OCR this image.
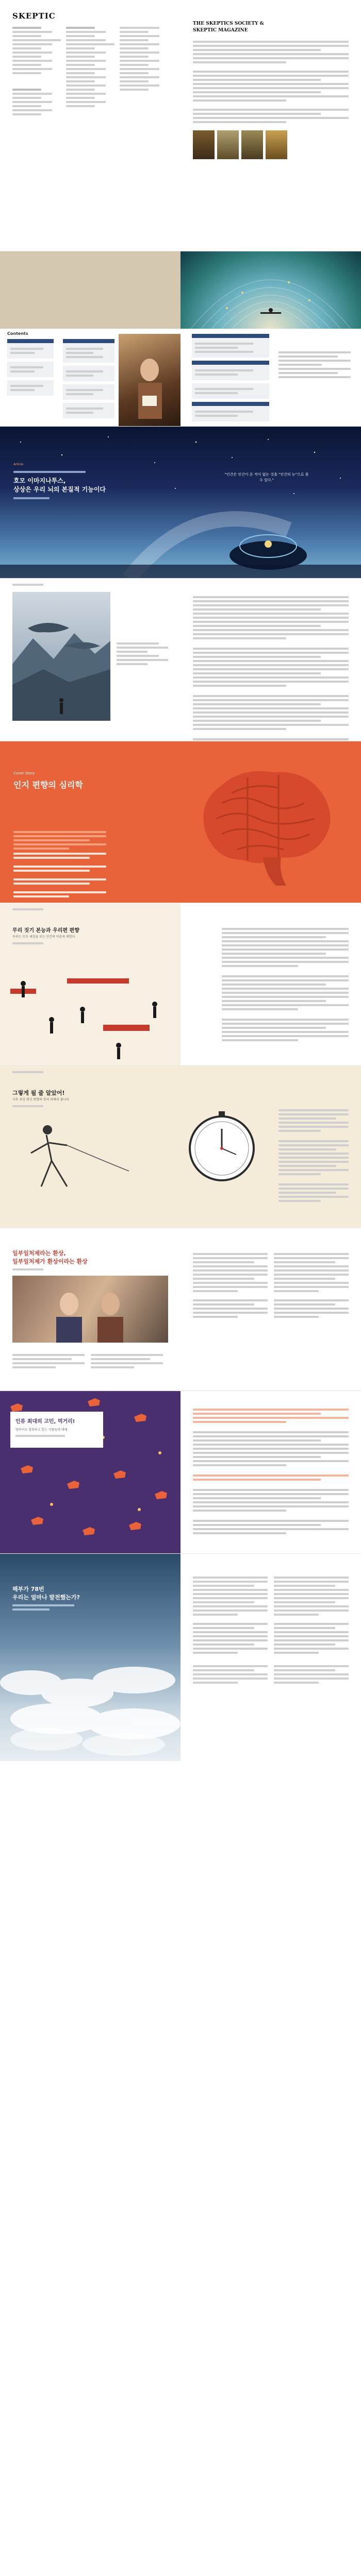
SKEPTIC
THE SKEPTICS SOCIETY & SKEPTIC MAGAZINE
Contents
Article
호모 이마지나투스,
상상은 우리 뇌의 본질적 기능이다
"인간은 인간이 본 적이 없는 것을 "인간의 눈"으로 볼 수 있다."
Cover Story
인지 편향의 심리학
무리 짓기 본능과 우리편 편향
우리는 모두 세상을 보는 인간의 마음과 대한다
그렇게 될 줄 알았어!
사후 과잉 확신 편향의 원리 파헤쳐 줍니다
일부일처제라는 환상,
일부일처제가 환상이라는 환상
인류 최대의 고민, 먹거리!
항바이오 섭취하고 있는 식품들에 대해
해부가 78번
우리는 얼마나 발전했는가?
